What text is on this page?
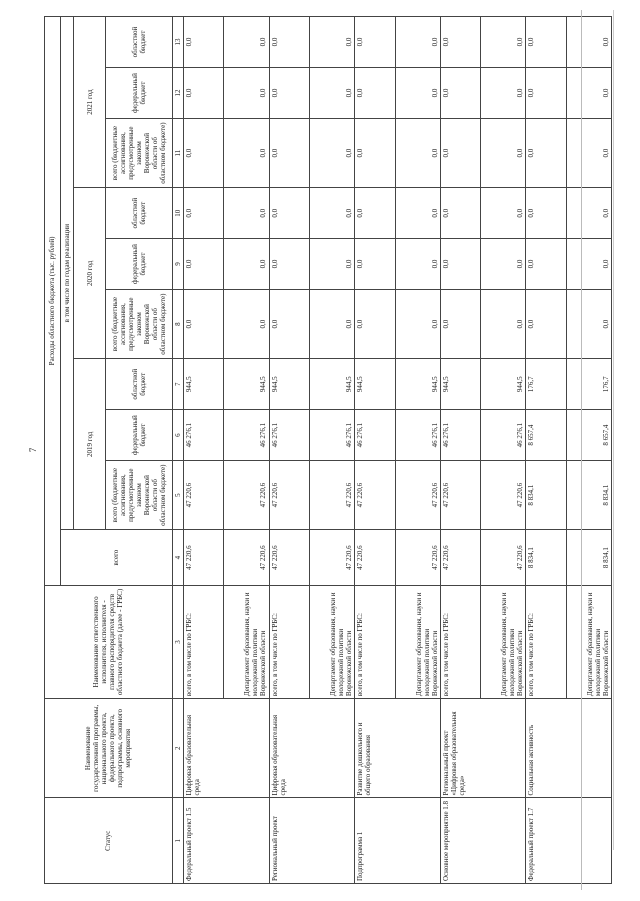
7
Статус	Наименование государственной программы, национального проекта, федерального проекта, подпрограммы, основного мероприятия	Наименование ответственного исполнителя, исполнителя - главного распорядителя средств областного бюджета (далее - ГРБС)	Расходы областного бюджета (тыс. рублей)									
			всего	в том числе по годам реализации								
				2019 год			2020 год			2021 год		
				всего (бюджетные ассигнования, предусмотренные законом Воронежской области об областном бюджете)	федеральный бюджет	областной бюджет	всего (бюджетные ассигнования, предусмотренные законом Воронежской области об областном бюджете)	федеральный бюджет	областной бюджет	всего (бюджетные ассигнования, предусмотренные законом Воронежской области об областном бюджете)	федеральный бюджет	областной бюджет
1	2	3	4	5	6	7	8	9	10	11	12	13
Федеральный проект 1.5	Цифровая образовательная среда	всего, в том числе по ГРБС:	47 220,6	47 220,6	46 276,1	944,5	0,0	0,0	0,0	0,0	0,0	0,0
		Департамент образования, науки и молодежной политики Воронежской области	47 220,6	47 220,6	46 276,1	944,5	0,0	0,0	0,0	0,0	0,0	0,0
Региональный проект	Цифровая образовательная среда	всего, в том числе по ГРБС:	47 220,6	47 220,6	46 276,1	944,5	0,0	0,0	0,0	0,0	0,0	0,0
		Департамент образования, науки и молодежной политики Воронежской области	47 220,6	47 220,6	46 276,1	944,5	0,0	0,0	0,0	0,0	0,0	0,0
Подпрограмма 1	Развитие дошкольного и общего образования	всего, в том числе по ГРБС:	47 220,6	47 220,6	46 276,1	944,5	0,0	0,0	0,0	0,0	0,0	0,0
		Департамент образования, науки и молодежной политики Воронежской области	47 220,6	47 220,6	46 276,1	944,5	0,0	0,0	0,0	0,0	0,0	0,0
Основное мероприятие 1.8	Региональный проект «Цифровая образовательная среда»	всего, в том числе по ГРБС:	47 220,6	47 220,6	46 276,1	944,5	0,0	0,0	0,0	0,0	0,0	0,0
		Департамент образования, науки и молодежной политики Воронежской области	47 220,6	47 220,6	46 276,1	944,5	0,0	0,0	0,0	0,0	0,0	0,0
Федеральный проект 1.7	Социальная активность	всего, в том числе по ГРБС:	8 834,1	8 834,1	8 657,4	176,7	0,0	0,0	0,0	0,0	0,0	0,0
		Департамент образования, науки и молодежной политики Воронежской области	8 834,1	8 834,1	8 657,4	176,7	0,0	0,0	0,0	0,0	0,0	0,0
